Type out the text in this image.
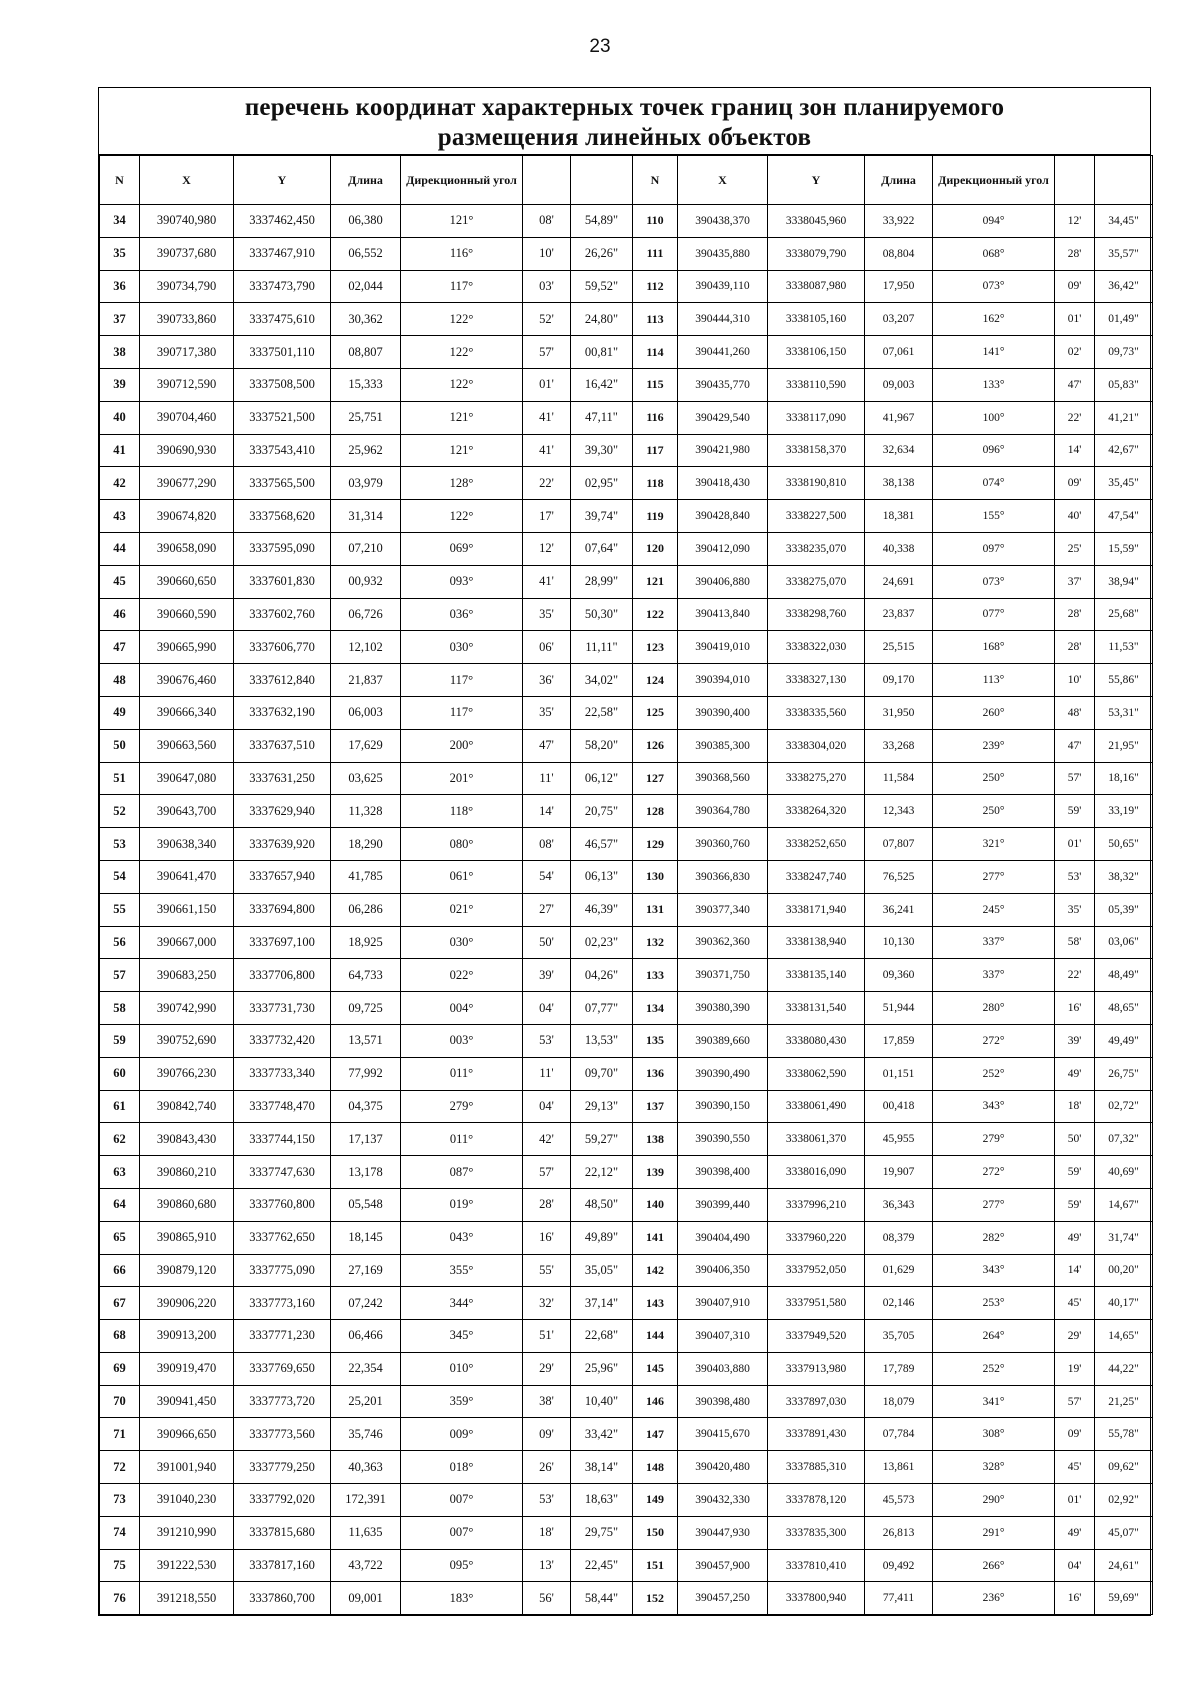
23
перечень координат характерных точек границ зон планируемого
размещения линейных объектов
N	X	Y	Длина	Дирекционный угол			N	X	Y	Длина	Дирекционный угол		
34	390740,980	3337462,450	06,380	121°	08'	54,89"	110	390438,370	3338045,960	33,922	094°	12'	34,45"
35	390737,680	3337467,910	06,552	116°	10'	26,26"	111	390435,880	3338079,790	08,804	068°	28'	35,57"
36	390734,790	3337473,790	02,044	117°	03'	59,52"	112	390439,110	3338087,980	17,950	073°	09'	36,42"
37	390733,860	3337475,610	30,362	122°	52'	24,80"	113	390444,310	3338105,160	03,207	162°	01'	01,49"
38	390717,380	3337501,110	08,807	122°	57'	00,81"	114	390441,260	3338106,150	07,061	141°	02'	09,73"
39	390712,590	3337508,500	15,333	122°	01'	16,42"	115	390435,770	3338110,590	09,003	133°	47'	05,83"
40	390704,460	3337521,500	25,751	121°	41'	47,11"	116	390429,540	3338117,090	41,967	100°	22'	41,21"
41	390690,930	3337543,410	25,962	121°	41'	39,30"	117	390421,980	3338158,370	32,634	096°	14'	42,67"
42	390677,290	3337565,500	03,979	128°	22'	02,95"	118	390418,430	3338190,810	38,138	074°	09'	35,45"
43	390674,820	3337568,620	31,314	122°	17'	39,74"	119	390428,840	3338227,500	18,381	155°	40'	47,54"
44	390658,090	3337595,090	07,210	069°	12'	07,64"	120	390412,090	3338235,070	40,338	097°	25'	15,59"
45	390660,650	3337601,830	00,932	093°	41'	28,99"	121	390406,880	3338275,070	24,691	073°	37'	38,94"
46	390660,590	3337602,760	06,726	036°	35'	50,30"	122	390413,840	3338298,760	23,837	077°	28'	25,68"
47	390665,990	3337606,770	12,102	030°	06'	11,11"	123	390419,010	3338322,030	25,515	168°	28'	11,53"
48	390676,460	3337612,840	21,837	117°	36'	34,02"	124	390394,010	3338327,130	09,170	113°	10'	55,86"
49	390666,340	3337632,190	06,003	117°	35'	22,58"	125	390390,400	3338335,560	31,950	260°	48'	53,31"
50	390663,560	3337637,510	17,629	200°	47'	58,20"	126	390385,300	3338304,020	33,268	239°	47'	21,95"
51	390647,080	3337631,250	03,625	201°	11'	06,12"	127	390368,560	3338275,270	11,584	250°	57'	18,16"
52	390643,700	3337629,940	11,328	118°	14'	20,75"	128	390364,780	3338264,320	12,343	250°	59'	33,19"
53	390638,340	3337639,920	18,290	080°	08'	46,57"	129	390360,760	3338252,650	07,807	321°	01'	50,65"
54	390641,470	3337657,940	41,785	061°	54'	06,13"	130	390366,830	3338247,740	76,525	277°	53'	38,32"
55	390661,150	3337694,800	06,286	021°	27'	46,39"	131	390377,340	3338171,940	36,241	245°	35'	05,39"
56	390667,000	3337697,100	18,925	030°	50'	02,23"	132	390362,360	3338138,940	10,130	337°	58'	03,06"
57	390683,250	3337706,800	64,733	022°	39'	04,26"	133	390371,750	3338135,140	09,360	337°	22'	48,49"
58	390742,990	3337731,730	09,725	004°	04'	07,77"	134	390380,390	3338131,540	51,944	280°	16'	48,65"
59	390752,690	3337732,420	13,571	003°	53'	13,53"	135	390389,660	3338080,430	17,859	272°	39'	49,49"
60	390766,230	3337733,340	77,992	011°	11'	09,70"	136	390390,490	3338062,590	01,151	252°	49'	26,75"
61	390842,740	3337748,470	04,375	279°	04'	29,13"	137	390390,150	3338061,490	00,418	343°	18'	02,72"
62	390843,430	3337744,150	17,137	011°	42'	59,27"	138	390390,550	3338061,370	45,955	279°	50'	07,32"
63	390860,210	3337747,630	13,178	087°	57'	22,12"	139	390398,400	3338016,090	19,907	272°	59'	40,69"
64	390860,680	3337760,800	05,548	019°	28'	48,50"	140	390399,440	3337996,210	36,343	277°	59'	14,67"
65	390865,910	3337762,650	18,145	043°	16'	49,89"	141	390404,490	3337960,220	08,379	282°	49'	31,74"
66	390879,120	3337775,090	27,169	355°	55'	35,05"	142	390406,350	3337952,050	01,629	343°	14'	00,20"
67	390906,220	3337773,160	07,242	344°	32'	37,14"	143	390407,910	3337951,580	02,146	253°	45'	40,17"
68	390913,200	3337771,230	06,466	345°	51'	22,68"	144	390407,310	3337949,520	35,705	264°	29'	14,65"
69	390919,470	3337769,650	22,354	010°	29'	25,96"	145	390403,880	3337913,980	17,789	252°	19'	44,22"
70	390941,450	3337773,720	25,201	359°	38'	10,40"	146	390398,480	3337897,030	18,079	341°	57'	21,25"
71	390966,650	3337773,560	35,746	009°	09'	33,42"	147	390415,670	3337891,430	07,784	308°	09'	55,78"
72	391001,940	3337779,250	40,363	018°	26'	38,14"	148	390420,480	3337885,310	13,861	328°	45'	09,62"
73	391040,230	3337792,020	172,391	007°	53'	18,63"	149	390432,330	3337878,120	45,573	290°	01'	02,92"
74	391210,990	3337815,680	11,635	007°	18'	29,75"	150	390447,930	3337835,300	26,813	291°	49'	45,07"
75	391222,530	3337817,160	43,722	095°	13'	22,45"	151	390457,900	3337810,410	09,492	266°	04'	24,61"
76	391218,550	3337860,700	09,001	183°	56'	58,44"	152	390457,250	3337800,940	77,411	236°	16'	59,69"
